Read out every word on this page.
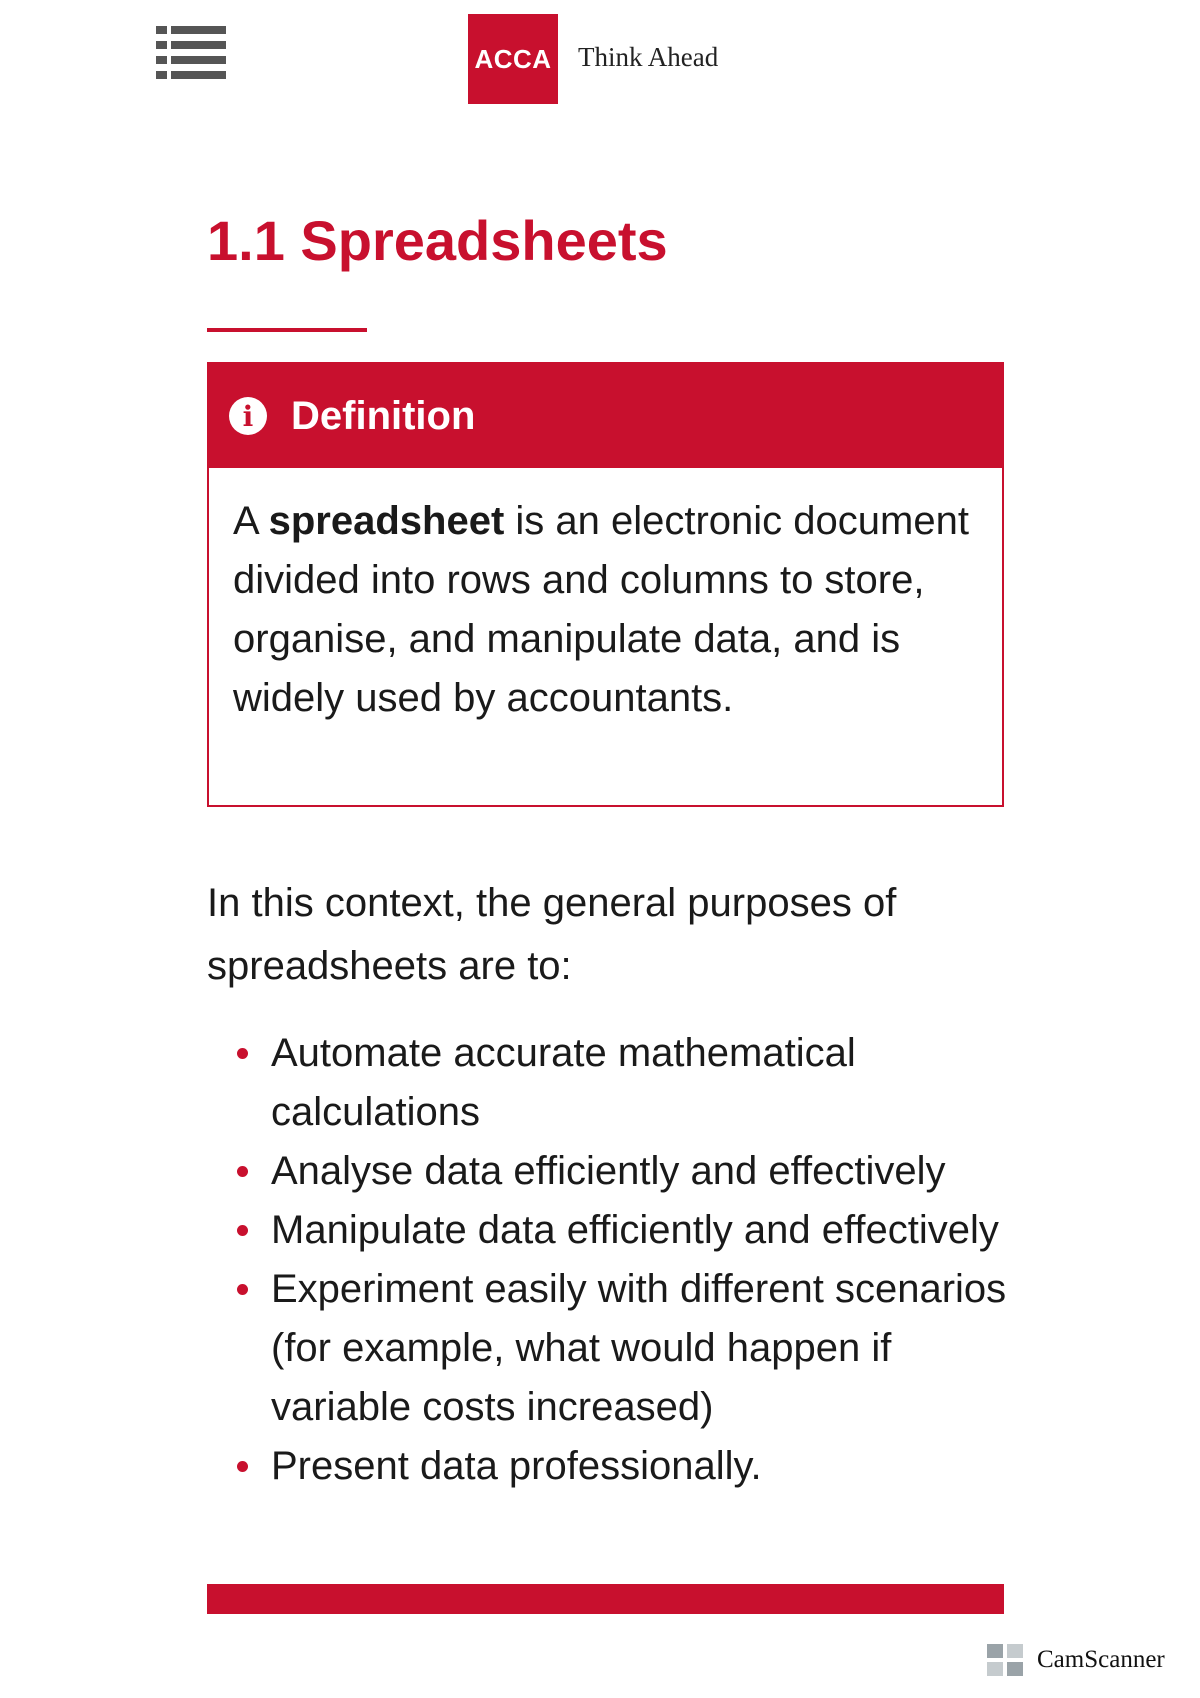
ACCA Think Ahead
1.1 Spreadsheets
i Definition
A spreadsheet is an electronic document divided into rows and columns to store, organise, and manipulate data, and is widely used by accountants.

In this context, the general purposes of spreadsheets are to:

Automate accurate mathematical calculations
Analyse data efficiently and effectively
Manipulate data efficiently and effectively
Experiment easily with different scenarios (for example, what would happen if variable costs increased)
Present data professionally.
CamScanner
